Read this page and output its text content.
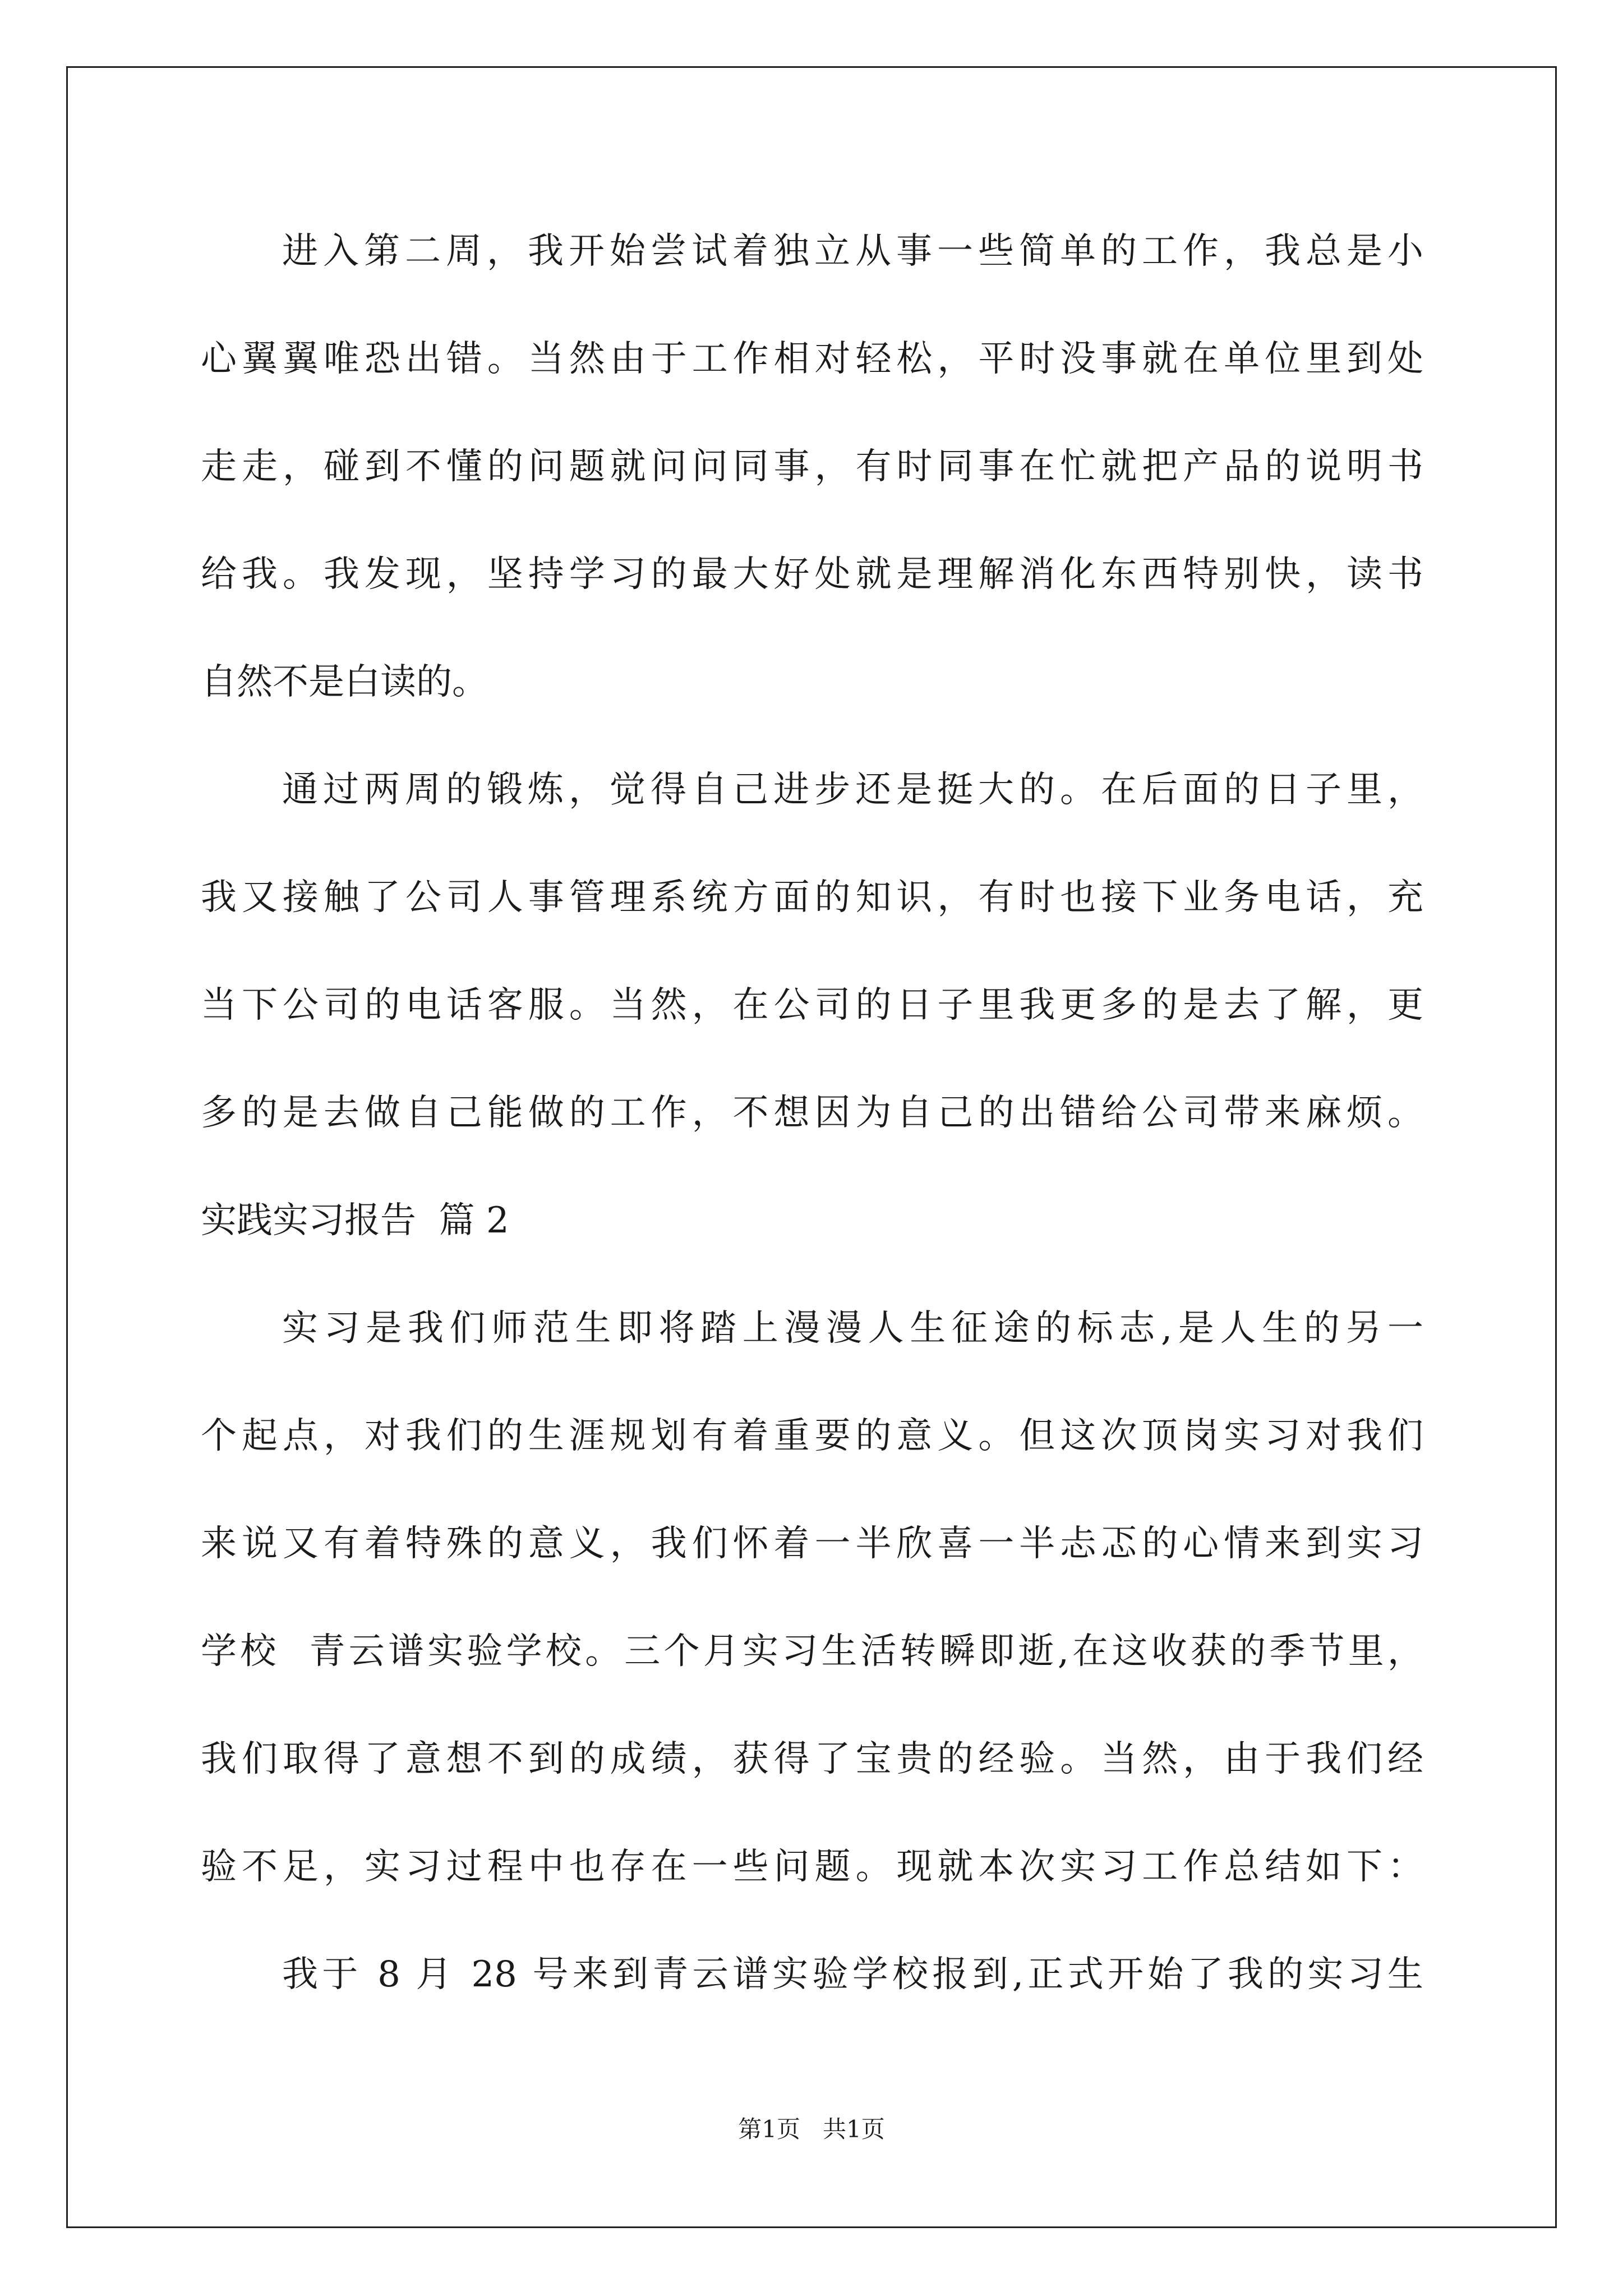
进入第二周，我开始尝试着独立从事一些简单的工作，我总是小
心翼翼唯恐出错。当然由于工作相对轻松，平时没事就在单位里到处
走走，碰到不懂的问题就问问同事，有时同事在忙就把产品的说明书
给我。我发现，坚持学习的最大好处就是理解消化东西特别快，读书
自然不是白读的。
通过两周的锻炼，觉得自己进步还是挺大的。在后面的日子里，
我又接触了公司人事管理系统方面的知识，有时也接下业务电话，充
当下公司的电话客服。当然，在公司的日子里我更多的是去了解，更
多的是去做自己能做的工作，不想因为自己的出错给公司带来麻烦。
实践实习报告  篇 2
实习是我们师范生即将踏上漫漫人生征途的标志,是人生的另一
个起点，对我们的生涯规划有着重要的意义。但这次顶岗实习对我们
来说又有着特殊的意义，我们怀着一半欣喜一半忐忑的心情来到实习
学校  青云谱实验学校。三个月实习生活转瞬即逝,在这收获的季节里，
我们取得了意想不到的成绩，获得了宝贵的经验。当然，由于我们经
验不足，实习过程中也存在一些问题。现就本次实习工作总结如下：
我于 8 月 28 号来到青云谱实验学校报到,正式开始了我的实习生
第1页 共1页
